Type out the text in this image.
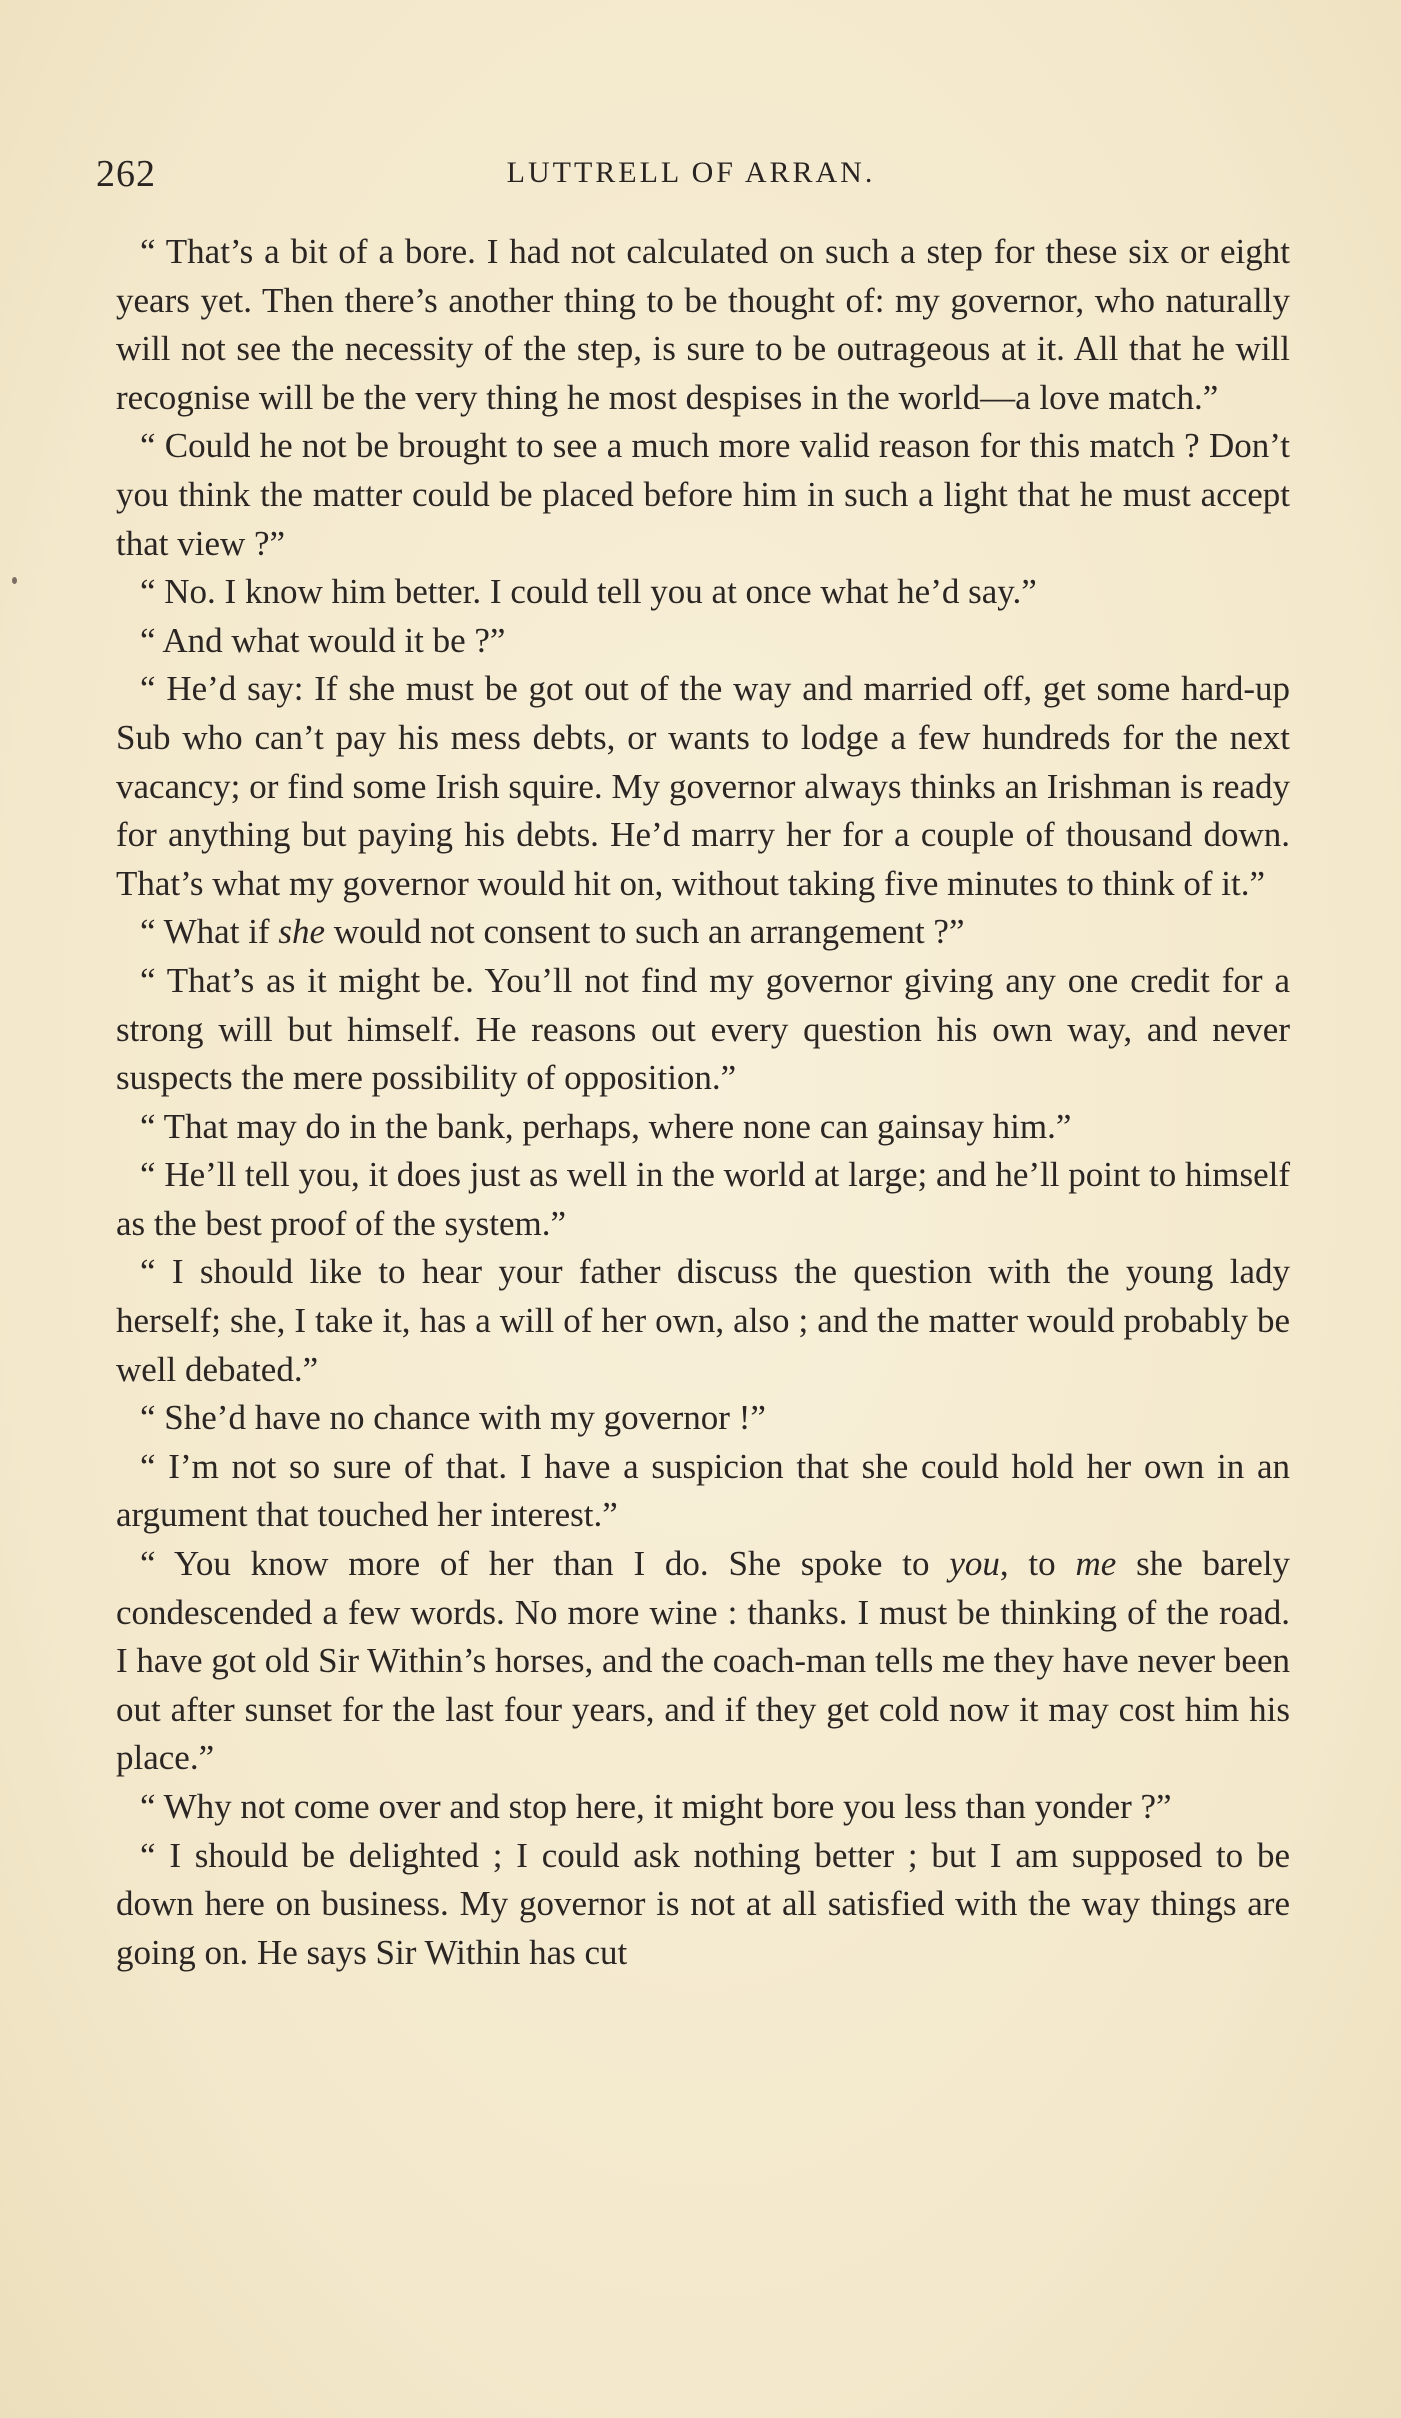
262	LUTTRELL OF ARRAN.

“ That’s a bit of a bore. I had not calculated on such a step for these six or eight years yet. Then there’s another thing to be thought of: my governor, who naturally will not see the necessity of the step, is sure to be outrageous at it. All that he will recognise will be the very thing he most despises in the world—a love match.”

“ Could he not be brought to see a much more valid reason for this match ? Don’t you think the matter could be placed before him in such a light that he must accept that view ?”

“ No. I know him better. I could tell you at once what he’d say.”

“ And what would it be ?”

“ He’d say: If she must be got out of the way and married off, get some hard-up Sub who can’t pay his mess debts, or wants to lodge a few hundreds for the next vacancy; or find some Irish squire. My governor always thinks an Irishman is ready for anything but paying his debts. He’d marry her for a couple of thousand down. That’s what my governor would hit on, without taking five minutes to think of it.”

“ What if she would not consent to such an arrangement ?”

“ That’s as it might be. You’ll not find my governor giving any one credit for a strong will but himself. He reasons out every question his own way, and never suspects the mere possibility of opposition.”

“ That may do in the bank, perhaps, where none can gainsay him.”

“ He’ll tell you, it does just as well in the world at large; and he’ll point to himself as the best proof of the system.”

“ I should like to hear your father discuss the question with the young lady herself; she, I take it, has a will of her own, also ; and the matter would probably be well debated.”

“ She’d have no chance with my governor !”

“ I’m not so sure of that. I have a suspicion that she could hold her own in an argument that touched her interest.”

“ You know more of her than I do. She spoke to you, to me she barely condescended a few words. No more wine : thanks. I must be thinking of the road. I have got old Sir Within’s horses, and the coach-man tells me they have never been out after sunset for the last four years, and if they get cold now it may cost him his place.”

“ Why not come over and stop here, it might bore you less than yonder ?”

“ I should be delighted ; I could ask nothing better ; but I am supposed to be down here on business. My governor is not at all satisfied with the way things are going on. He says Sir Within has cut
